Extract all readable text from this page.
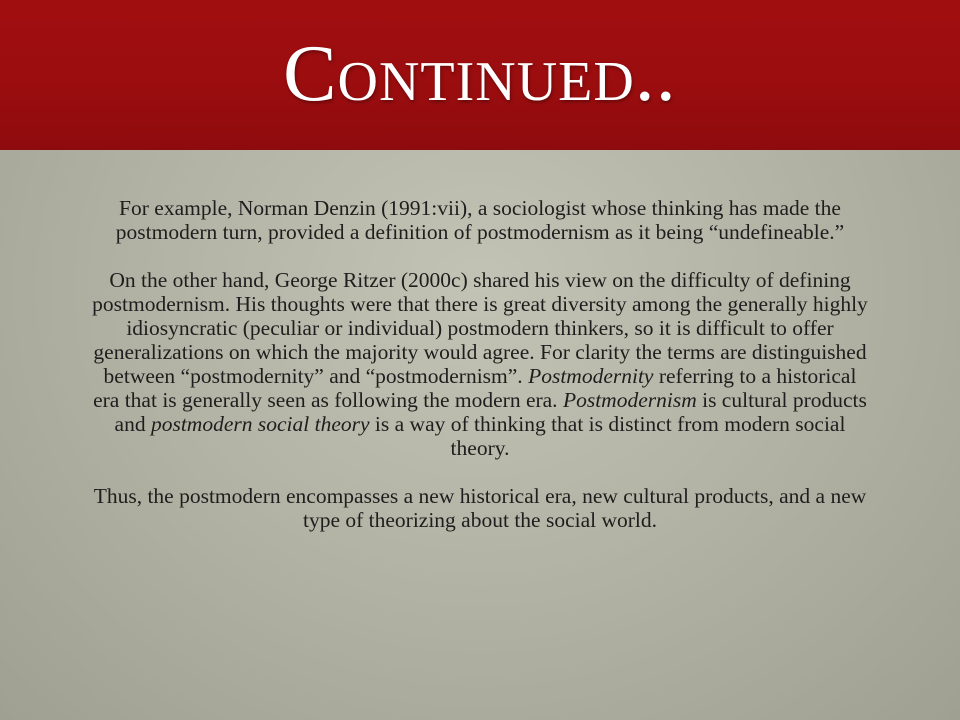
Continued..

For example, Norman Denzin (1991:vii), a sociologist whose thinking has made the postmodern turn, provided a definition of postmodernism as it being “undefineable.”

On the other hand, George Ritzer (2000c) shared his view on the difficulty of defining postmodernism. His thoughts were that there is great diversity among the generally highly idiosyncratic (peculiar or individual) postmodern thinkers, so it is difficult to offer generalizations on which the majority would agree. For clarity the terms are distinguished between “postmodernity” and “postmodernism”. Postmodernity referring to a historical era that is generally seen as following the modern era. Postmodernism is cultural products and postmodern social theory is a way of thinking that is distinct from modern social theory.

Thus, the postmodern encompasses a new historical era, new cultural products, and a new type of theorizing about the social world.
